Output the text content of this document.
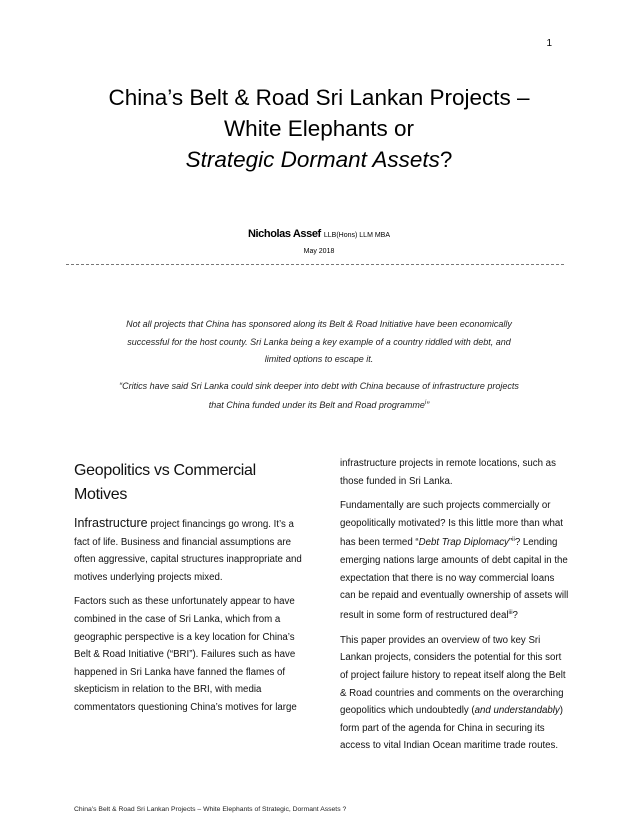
1
China’s Belt & Road Sri Lankan Projects –
White Elephants or
Strategic Dormant Assets?
Nicholas Assef LLB(Hons) LLM MBA
May 2018

Not all projects that China has sponsored along its Belt & Road Initiative have been economically successful for the host county. Sri Lanka being a key example of a country riddled with debt, and limited options to escape it.

“Critics have said Sri Lanka could sink deeper into debt with China because of infrastructure projects that China funded under its Belt and Road programme$^i$”

Geopolitics vs Commercial Motives

Infrastructure project financings go wrong. It’s a fact of life. Business and financial assumptions are often aggressive, capital structures inappropriate and motives underlying projects mixed.

Factors such as these unfortunately appear to have combined in the case of Sri Lanka, which from a geographic perspective is a key location for China’s Belt & Road Initiative (“BRI”). Failures such as have happened in Sri Lanka have fanned the flames of skepticism in relation to the BRI, with media commentators questioning China’s motives for large

infrastructure projects in remote locations, such as those funded in Sri Lanka.

Fundamentally are such projects commercially or geopolitically motivated? Is this little more than what has been termed “Debt Trap Diplomacy”$^{ii}$? Lending emerging nations large amounts of debt capital in the expectation that there is no way commercial loans can be repaid and eventually ownership of assets will result in some form of restructured deal$^{iii}$?

This paper provides an overview of two key Sri Lankan projects, considers the potential for this sort of project failure history to repeat itself along the Belt & Road countries and comments on the overarching geopolitics which undoubtedly (and understandably) form part of the agenda for China in securing its access to vital Indian Ocean maritime trade routes.

China’s Belt & Road Sri Lankan Projects – White Elephants of Strategic, Dormant Assets ?
